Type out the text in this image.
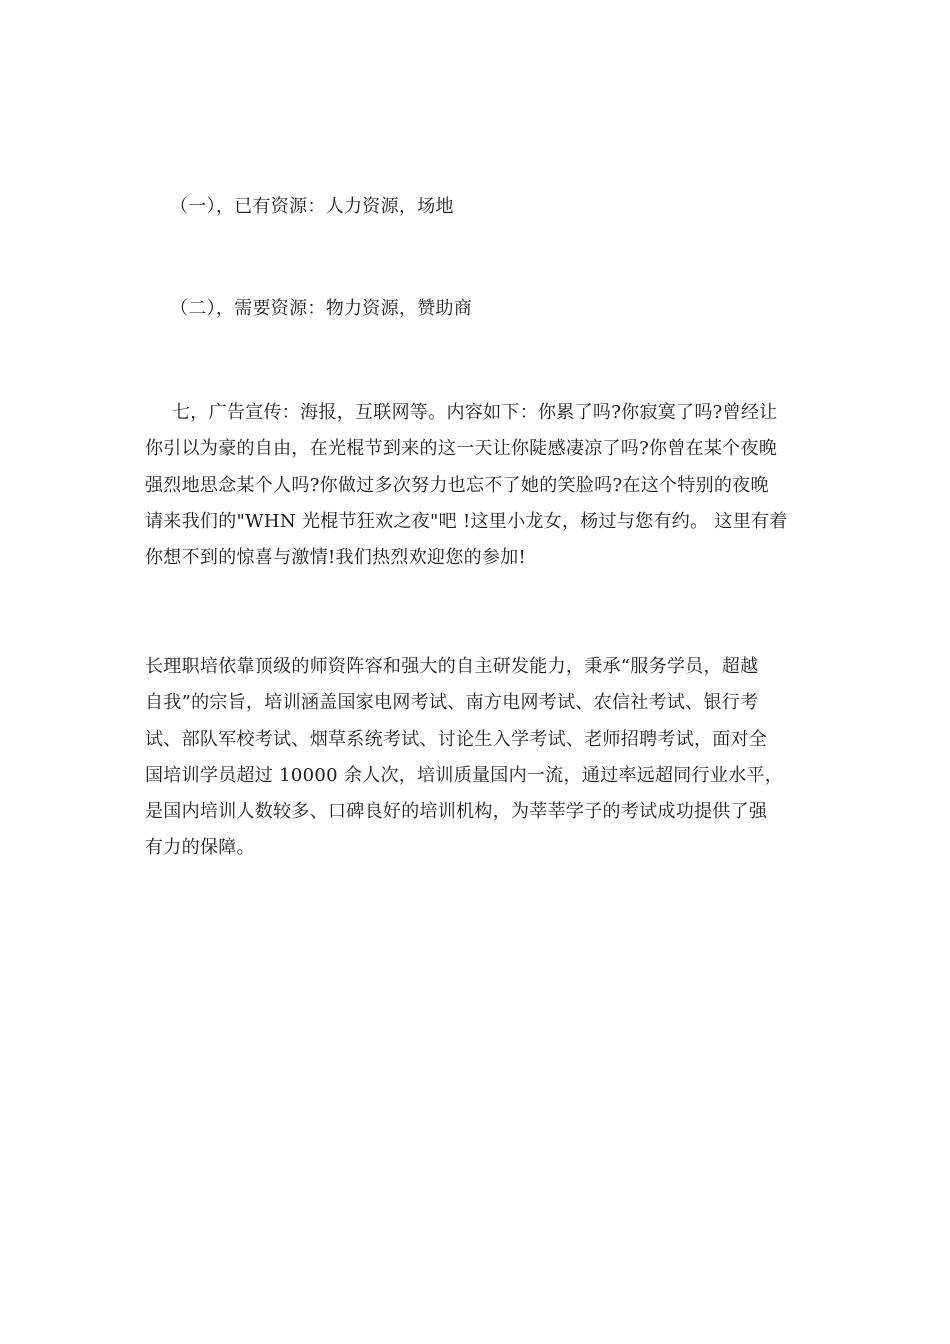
（一），已有资源：人力资源，场地
（二），需要资源：物力资源，赞助商
七，广告宣传：海报，互联网等。内容如下：你累了吗?你寂寞了吗?曾经让
你引以为豪的自由，在光棍节到来的这一天让你陡感凄凉了吗?你曾在某个夜晚
强烈地思念某个人吗?你做过多次努力也忘不了她的笑脸吗?在这个特别的夜晚
请来我们的"WHN 光棍节狂欢之夜"吧 !这里小龙女，杨过与您有约。 这里有着
你想不到的惊喜与激情!我们热烈欢迎您的参加!
长理职培依靠顶级的师资阵容和强大的自主研发能力，秉承“服务学员，超越
自我”的宗旨，培训涵盖国家电网考试、南方电网考试、农信社考试、银行考
试、部队军校考试、烟草系统考试、讨论生入学考试、老师招聘考试，面对全
国培训学员超过 10000 余人次，培训质量国内一流，通过率远超同行业水平，
是国内培训人数较多、口碑良好的培训机构，为莘莘学子的考试成功提供了强
有力的保障。
